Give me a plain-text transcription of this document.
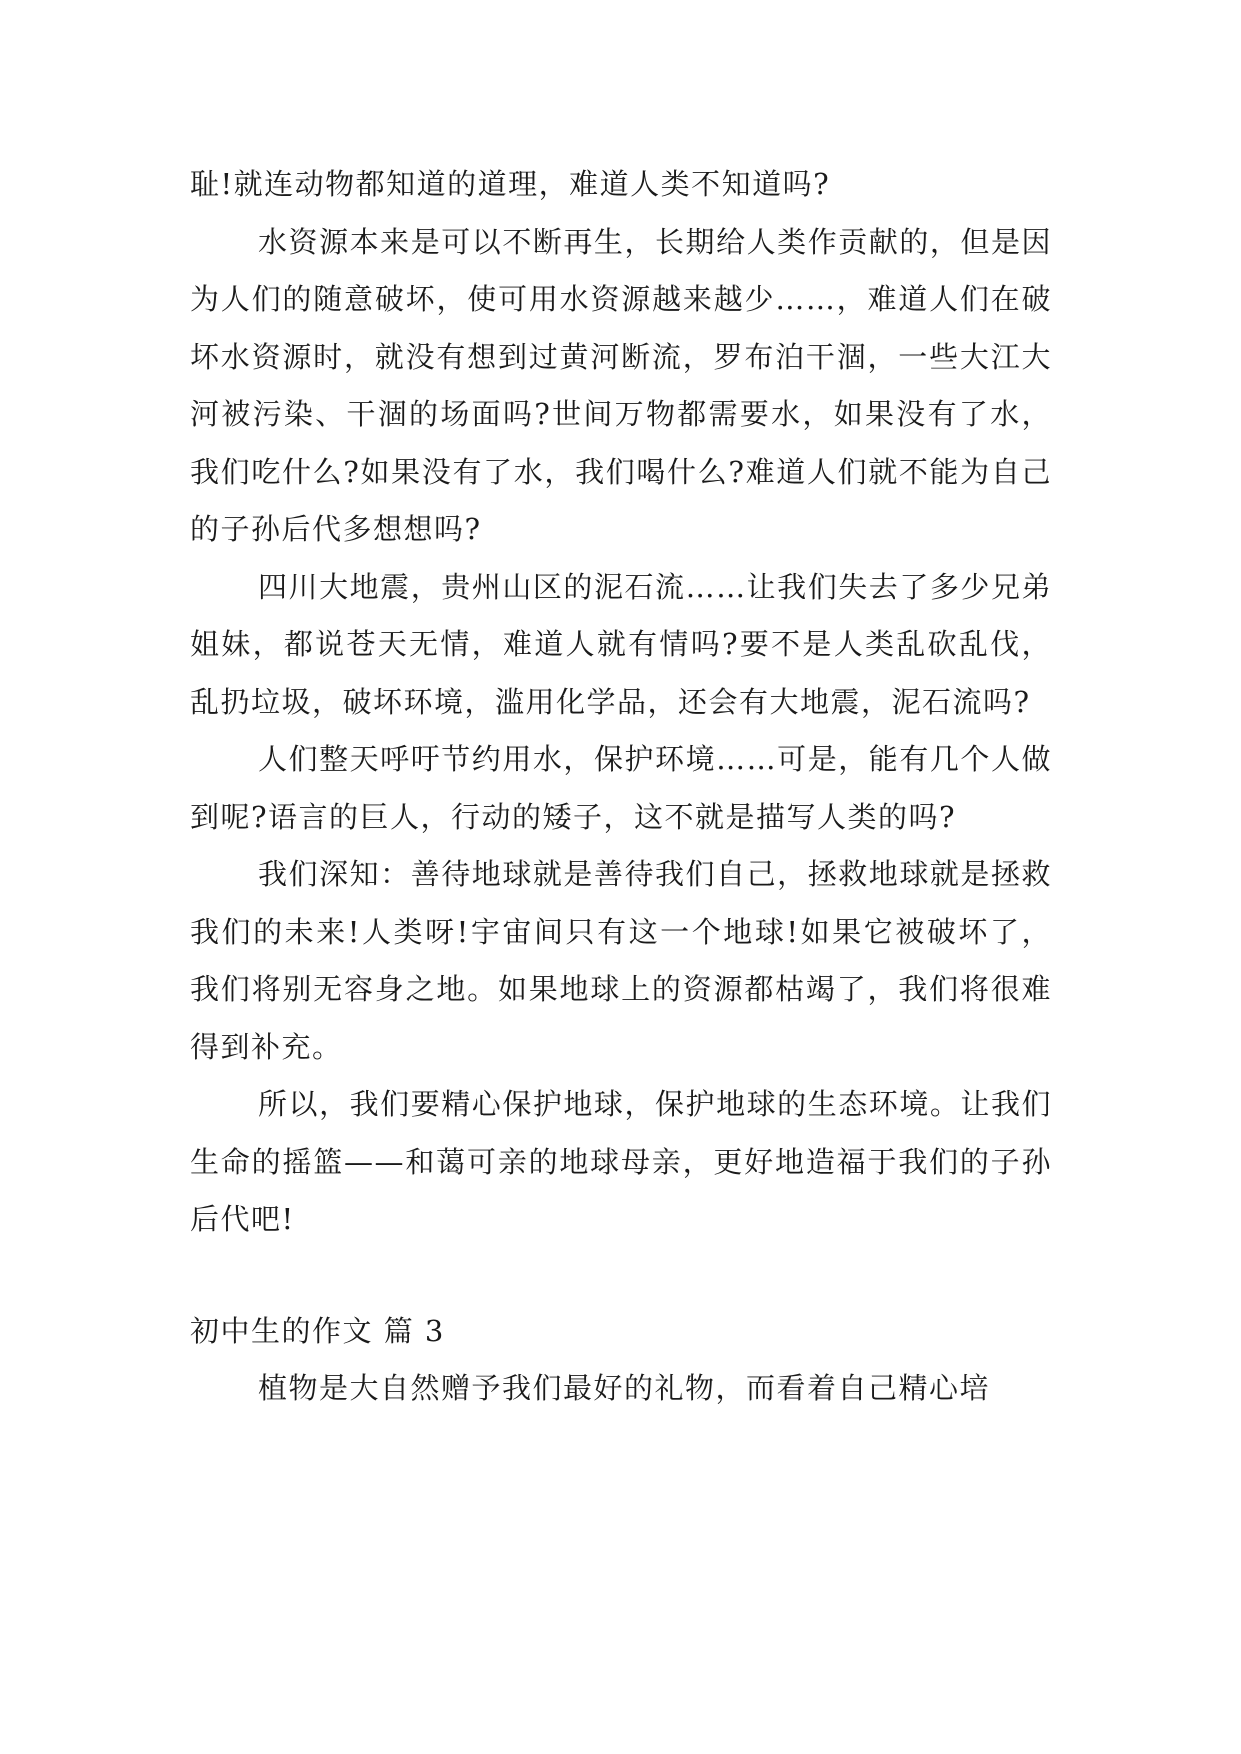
耻!就连动物都知道的道理，难道人类不知道吗?

水资源本来是可以不断再生，长期给人类作贡献的，但是因为人们的随意破坏，使可用水资源越来越少……，难道人们在破坏水资源时，就没有想到过黄河断流，罗布泊干涸，一些大江大河被污染、干涸的场面吗?世间万物都需要水，如果没有了水，我们吃什么?如果没有了水，我们喝什么?难道人们就不能为自己的子孙后代多想想吗?

四川大地震，贵州山区的泥石流……让我们失去了多少兄弟姐妹，都说苍天无情，难道人就有情吗?要不是人类乱砍乱伐，乱扔垃圾，破坏环境，滥用化学品，还会有大地震，泥石流吗?

人们整天呼吁节约用水，保护环境……可是，能有几个人做到呢?语言的巨人，行动的矮子，这不就是描写人类的吗?

我们深知：善待地球就是善待我们自己，拯救地球就是拯救我们的未来!人类呀!宇宙间只有这一个地球!如果它被破坏了，我们将别无容身之地。如果地球上的资源都枯竭了，我们将很难得到补充。

所以，我们要精心保护地球，保护地球的生态环境。让我们生命的摇篮——和蔼可亲的地球母亲，更好地造福于我们的子孙后代吧!

初中生的作文 篇 3

植物是大自然赠予我们最好的礼物，而看着自己精心培
